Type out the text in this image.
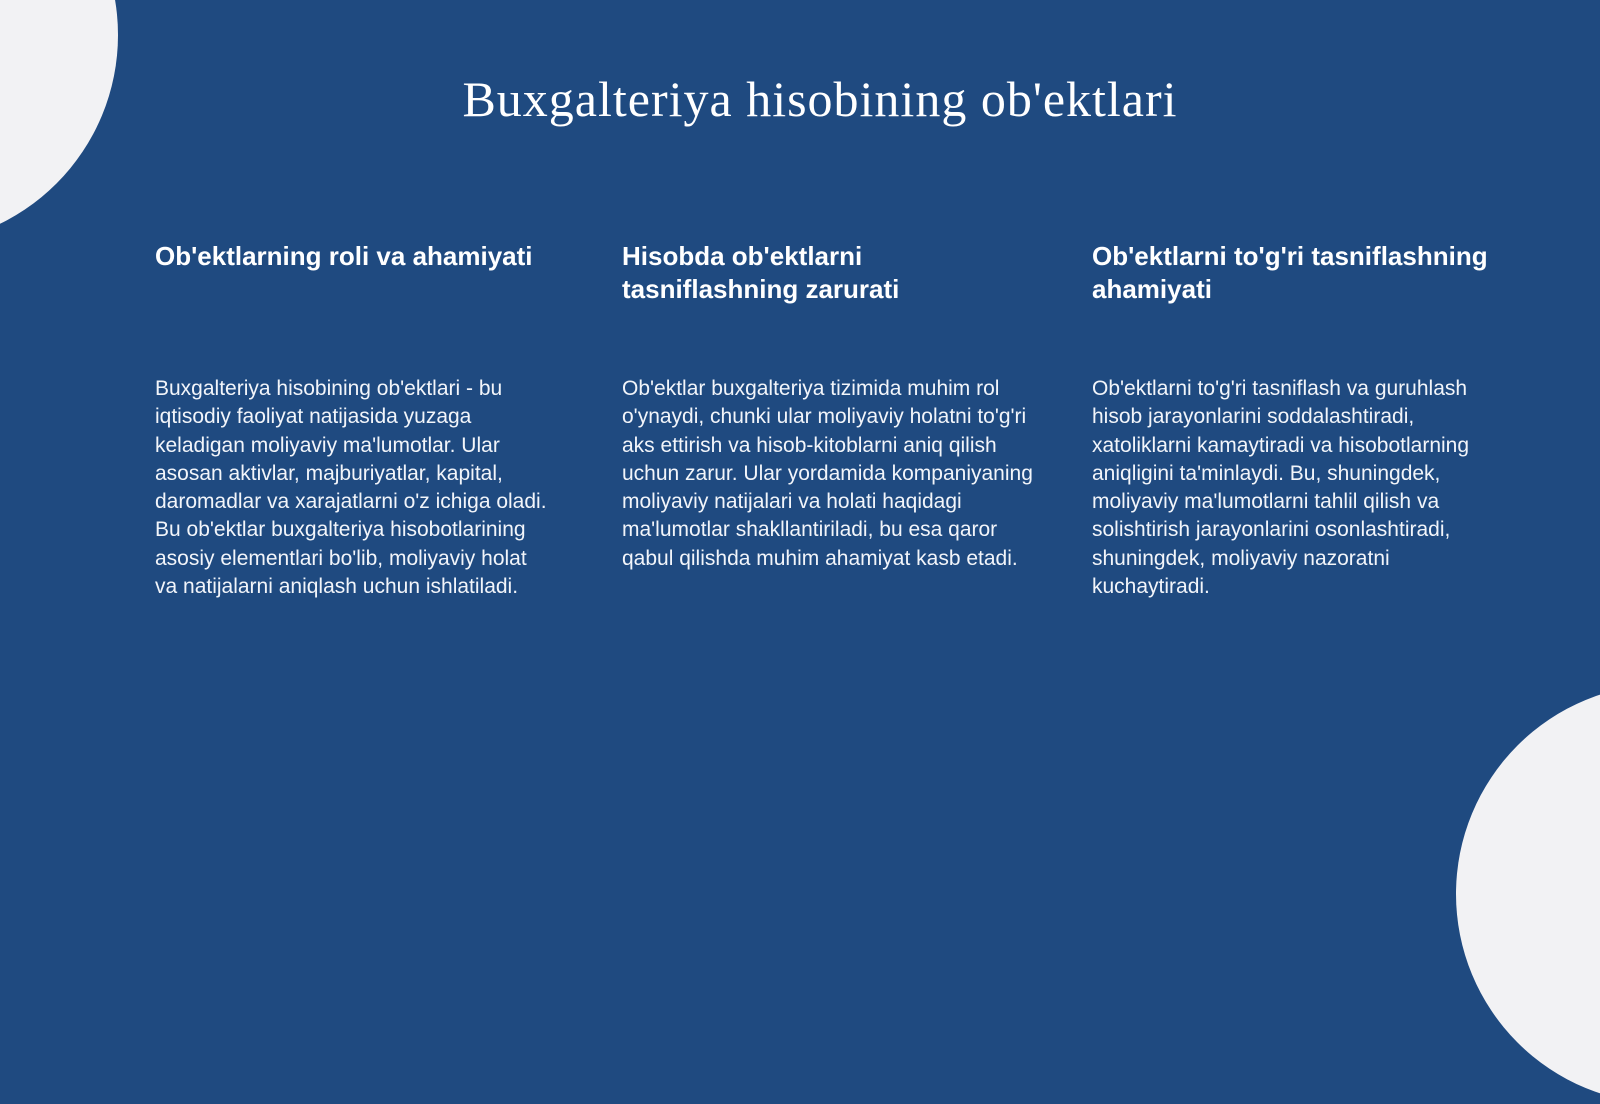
Buxgalteriya hisobining ob'ektlari
Ob'ektlarning roli va ahamiyati

Buxgalteriya hisobining ob'ektlari - bu iqtisodiy faoliyat natijasida yuzaga keladigan moliyaviy ma'lumotlar. Ular asosan aktivlar, majburiyatlar, kapital, daromadlar va xarajatlarni o'z ichiga oladi. Bu ob'ektlar buxgalteriya hisobotlarining asosiy elementlari bo'lib, moliyaviy holat va natijalarni aniqlash uchun ishlatiladi.

Hisobda ob'ektlarni tasniflashning zarurati

Ob'ektlar buxgalteriya tizimida muhim rol o'ynaydi, chunki ular moliyaviy holatni to'g'ri aks ettirish va hisob-kitoblarni aniq qilish uchun zarur. Ular yordamida kompaniyaning moliyaviy natijalari va holati haqidagi ma'lumotlar shakllantiriladi, bu esa qaror qabul qilishda muhim ahamiyat kasb etadi.

Ob'ektlarni to'g'ri tasniflashning ahamiyati

Ob'ektlarni to'g'ri tasniflash va guruhlash hisob jarayonlarini soddalashtiradi, xatoliklarni kamaytiradi va hisobotlarning aniqligini ta'minlaydi. Bu, shuningdek, moliyaviy ma'lumotlarni tahlil qilish va solishtirish jarayonlarini osonlashtiradi, shuningdek, moliyaviy nazoratni kuchaytiradi.
